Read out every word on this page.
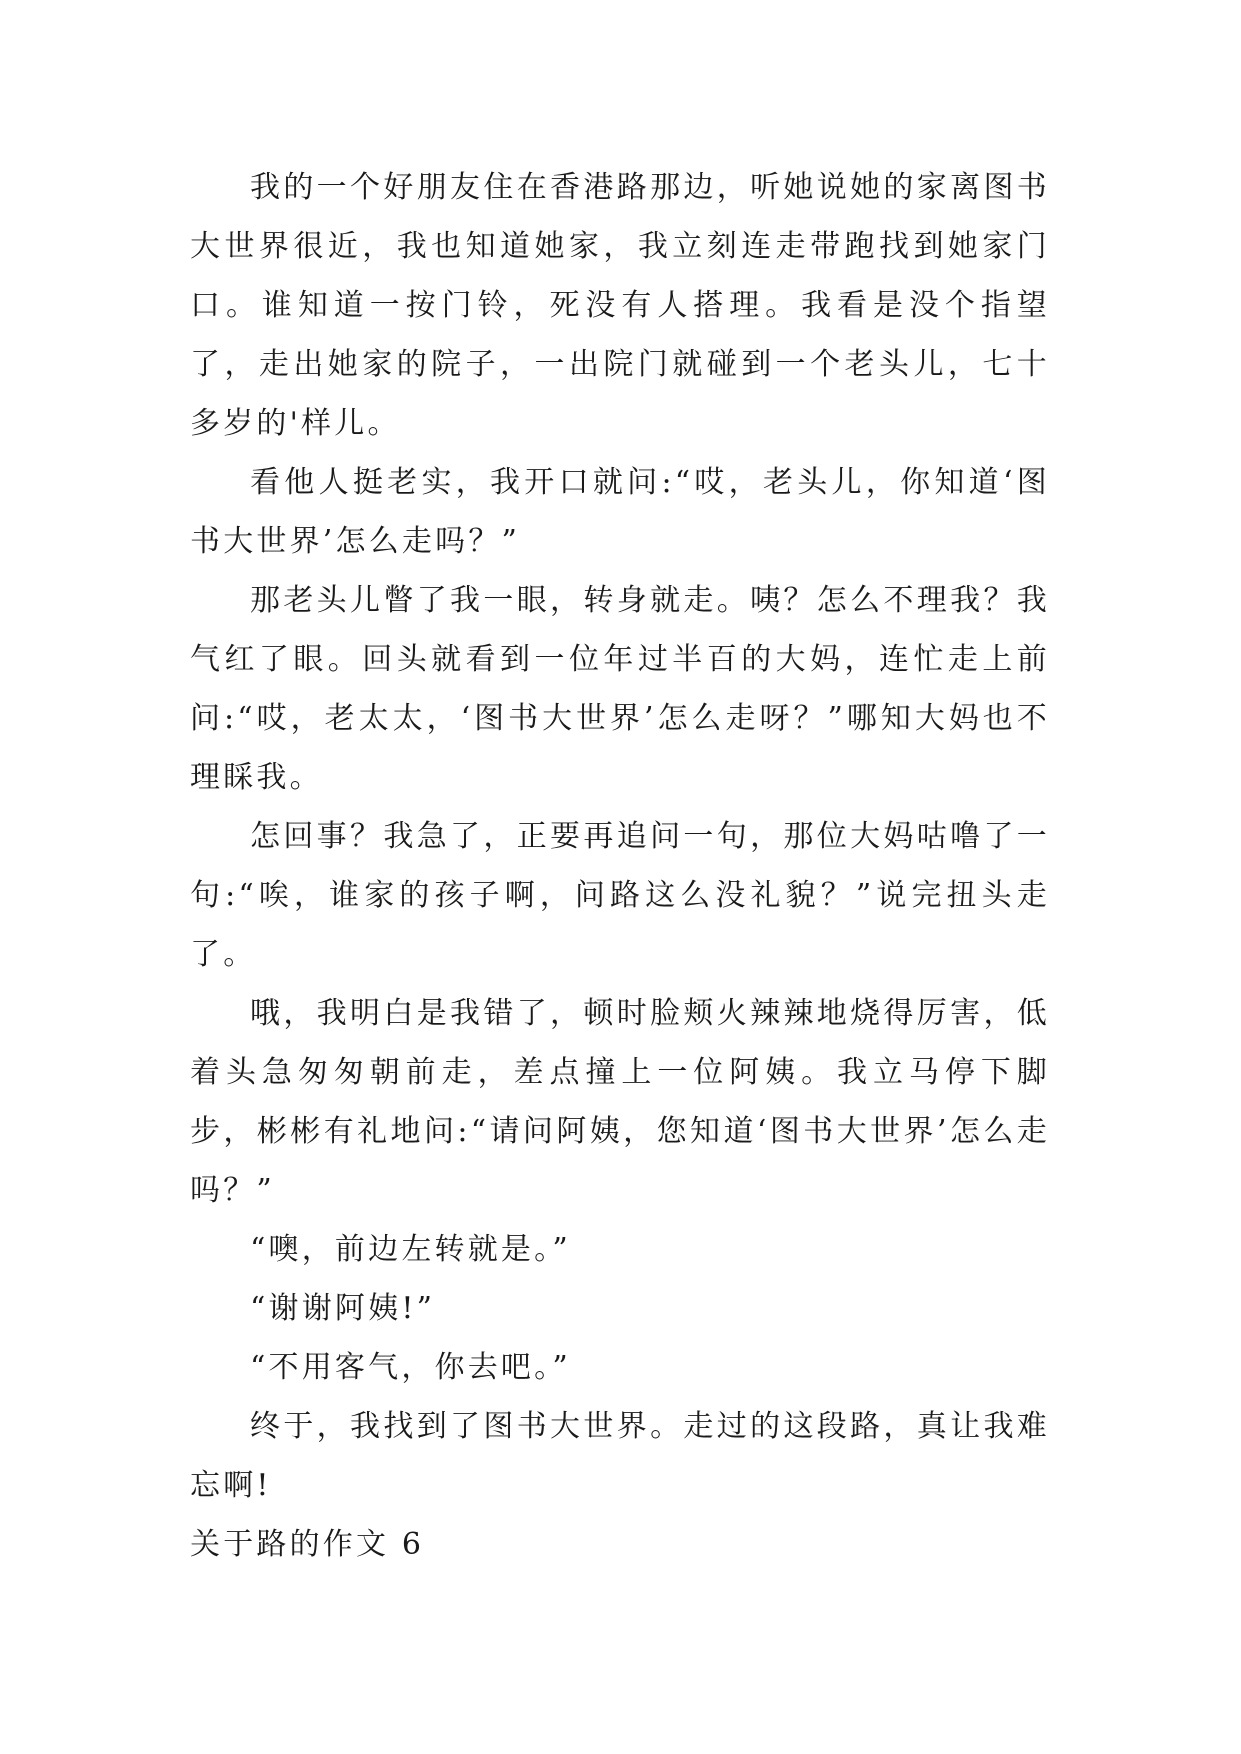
我的一个好朋友住在香港路那边，听她说她的家离图书大世界很近，我也知道她家，我立刻连走带跑找到她家门口。谁知道一按门铃，死没有人搭理。我看是没个指望了，走出她家的院子，一出院门就碰到一个老头儿，七十多岁的'样儿。

看他人挺老实，我开口就问:“哎，老头儿，你知道‘图书大世界’怎么走吗？”

那老头儿瞥了我一眼，转身就走。咦？怎么不理我？我气红了眼。回头就看到一位年过半百的大妈，连忙走上前问:“哎，老太太，‘图书大世界’怎么走呀？”哪知大妈也不理睬我。

怎回事？我急了，正要再追问一句，那位大妈咕噜了一句:“唉，谁家的孩子啊，问路这么没礼貌？”说完扭头走了。

哦，我明白是我错了，顿时脸颊火辣辣地烧得厉害，低着头急匆匆朝前走，差点撞上一位阿姨。我立马停下脚步，彬彬有礼地问:“请问阿姨，您知道‘图书大世界’怎么走吗？”

“噢，前边左转就是。”

“谢谢阿姨!”

“不用客气，你去吧。”

终于，我找到了图书大世界。走过的这段路，真让我难忘啊!

关于路的作文 6
